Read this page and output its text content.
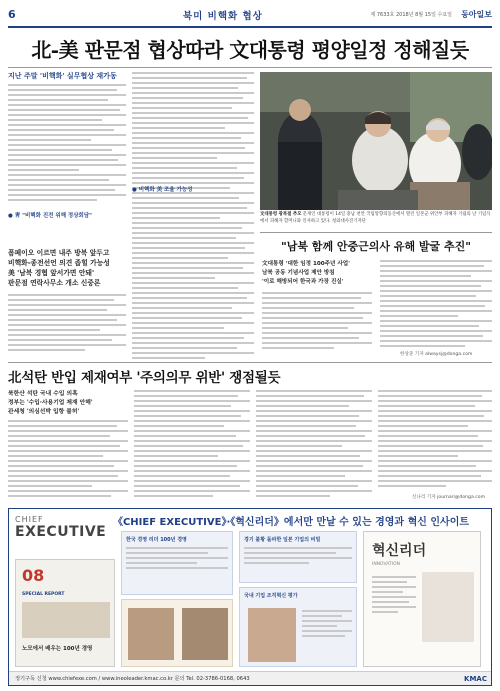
6	북미 비핵화 협상	제 7633호 2018년 8월 15일 수요일 동아일보
北-美 판문점 협상따라 文대통령 평양일정 정해질듯
지난 주말 '비핵화' 실무협상 재가동
● 靑 "비핵화 진전 위해 정상회담"
폼페이오 이르면 내주 방북 앞두고
비핵화-종전선언 의견 좁힐 가능성
美 '남북 경협 앞서가면 안돼'
판문점 연락사무소 개소 신중론
● 비핵화 美 조율 가능성
文대통령 광복절 추모 문재인 대통령이 14일 충남 천안 국립망향의동산에서 열린 일본군 위안부 피해자 기림의 날 기념식에서 피해자 할머니와 인사하고 있다. 청와대사진기자단
"남북 함께 안중근의사 유해 발굴 추진"
文대통령 '대한 임정 100주년 사업'
남북 공동 기념사업 제안 방침
'이로 해방되어 한국과 가장 진실'
한상준 기자 alwaysj@donga.com
北석탄 반입 제재여부 '주의의무 위반' 쟁점될듯
북한산 석탄 국내 수입 의혹
정부는 '수입·사용기업 제재 안해'
관세청 '의심선박 입항 불허'
신나리 기자 journari@donga.com
CHIEF
EXECUTIVE
《CHIEF EXECUTIVE》·《혁신리더》에서만 만날 수 있는 경영과 혁신 인사이트
08
SPECIAL REPORT
노모에서 배우는 100년 경영
한국 경영 리더 100년 경영	경기 불황 돌파한 일본 기업의 비밀
국내 기업 조직혁신 평가
혁신리더
INNOVATION
정기구독 신청 www.chiefexe.com / www.ineoleader.kmac.co.kr 문의 Tel. 02-3786-0168, 0643	KMAC
